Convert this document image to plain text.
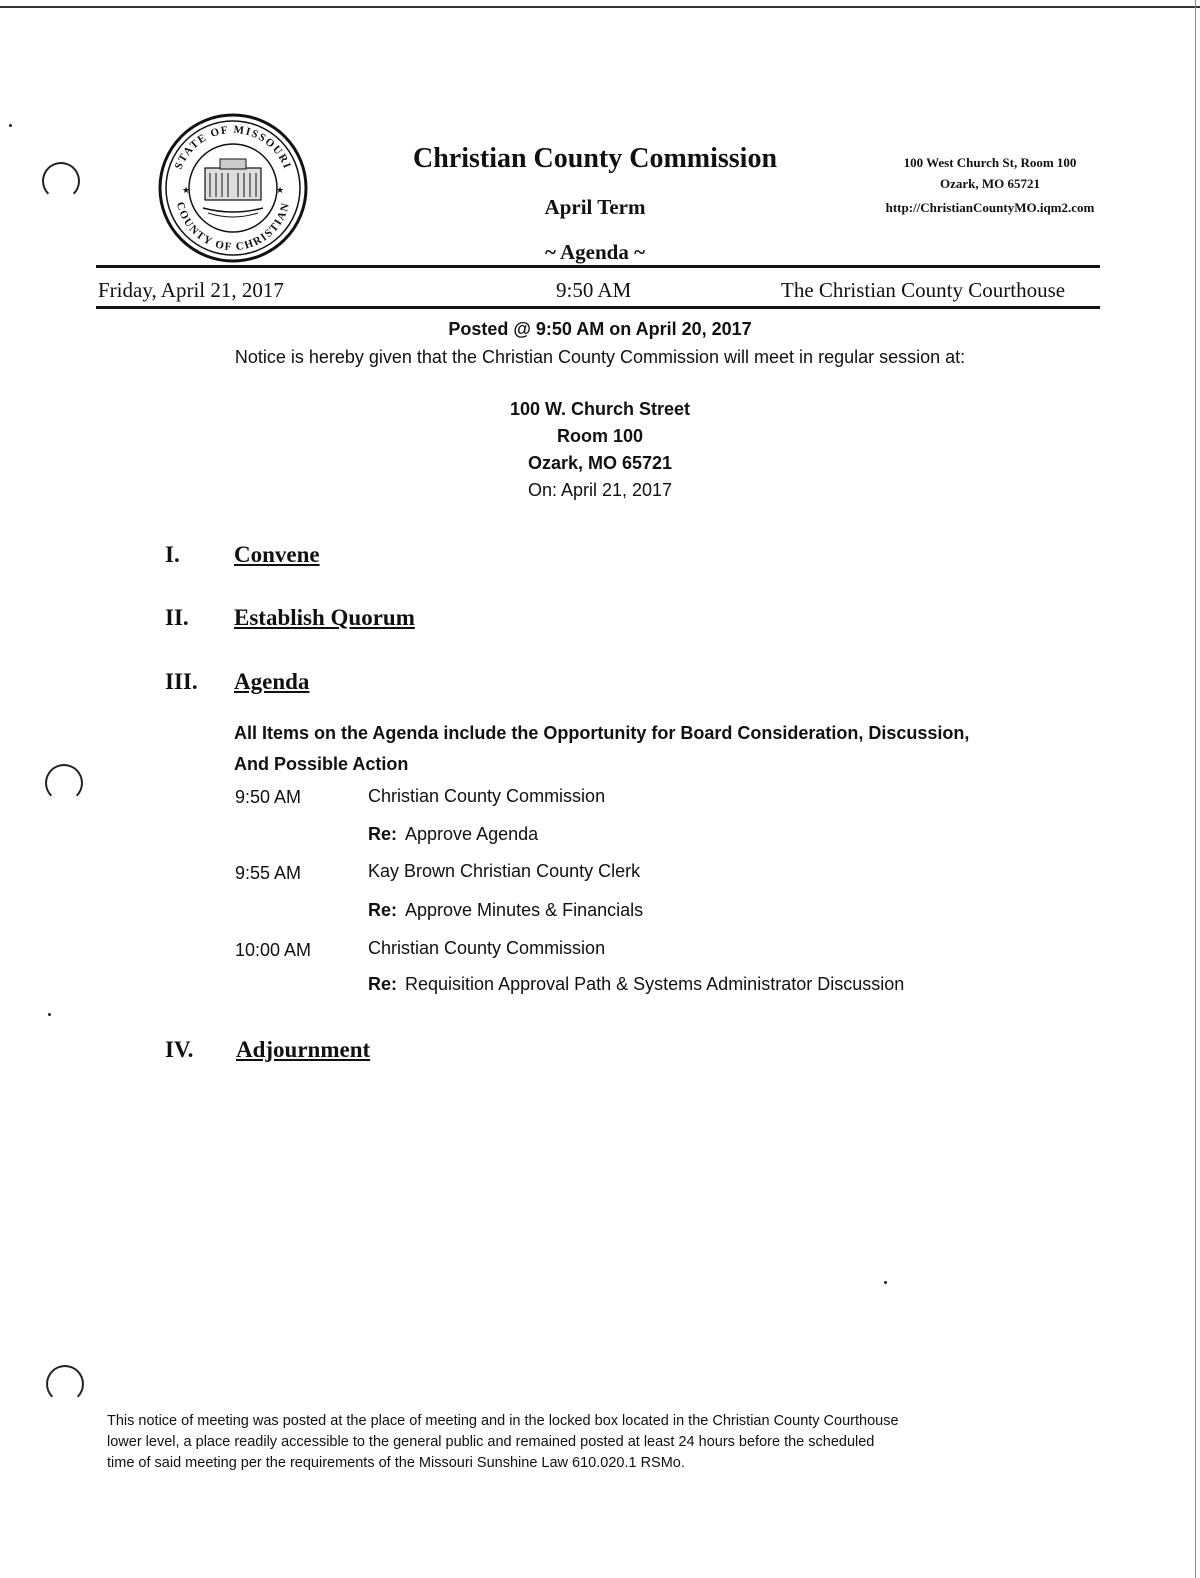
STATE OF MISSOURI
COUNTY OF CHRISTIAN
★	★
Christian County Commission
April Term
~ Agenda ~
100 West Church St, Room 100
Ozark, MO 65721
http://ChristianCountyMO.iqm2.com
Friday, April 21, 2017	9:50 AM	The Christian County Courthouse
Posted @ 9:50 AM on April 20, 2017
Notice is hereby given that the Christian County Commission will meet in regular session at:
100 W. Church Street
Room 100
Ozark, MO 65721
On: April 21, 2017
I. Convene
II. Establish Quorum
III. Agenda
All Items on the Agenda include the Opportunity for Board Consideration, Discussion,
And Possible Action
9:50 AM	Christian County Commission
Re: Approve Agenda
9:55 AM	Kay Brown Christian County Clerk
Re: Approve Minutes & Financials
10:00 AM	Christian County Commission
Re: Requisition Approval Path & Systems Administrator Discussion
IV. Adjournment
This notice of meeting was posted at the place of meeting and in the locked box located in the Christian County Courthouse
lower level, a place readily accessible to the general public and remained posted at least 24 hours before the scheduled
time of said meeting per the requirements of the Missouri Sunshine Law 610.020.1 RSMo.
